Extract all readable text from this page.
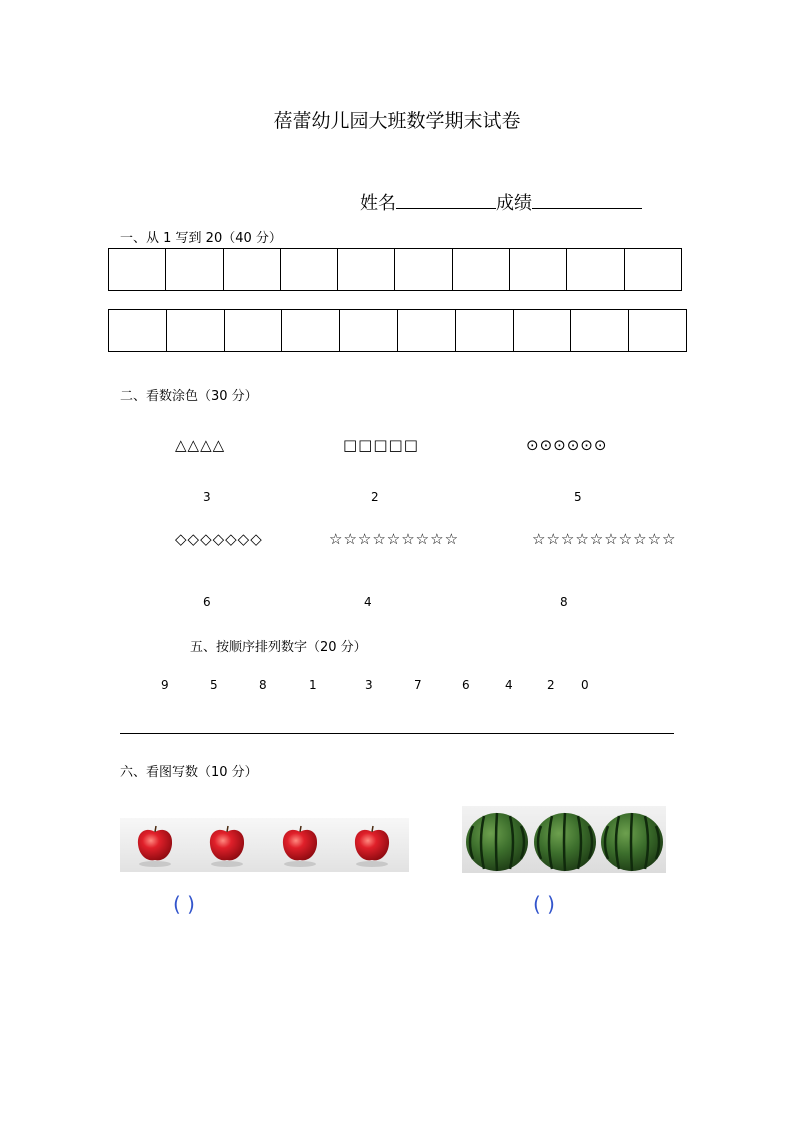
蓓蕾幼儿园大班数学期末试卷
姓名	成绩
一、从 1 写到 20（40 分）
二、看数涂色（30 分）
△△△△	□□□□□	⊙⊙⊙⊙⊙⊙
3	2	5
◇◇◇◇◇◇◇	☆☆☆☆☆☆☆☆☆	☆☆☆☆☆☆☆☆☆☆
6	4	8
五、按顺序排列数字（20 分）
9	5	8	1	3	7	6	4	2 0
六、看图写数（10 分）
( )	( )
